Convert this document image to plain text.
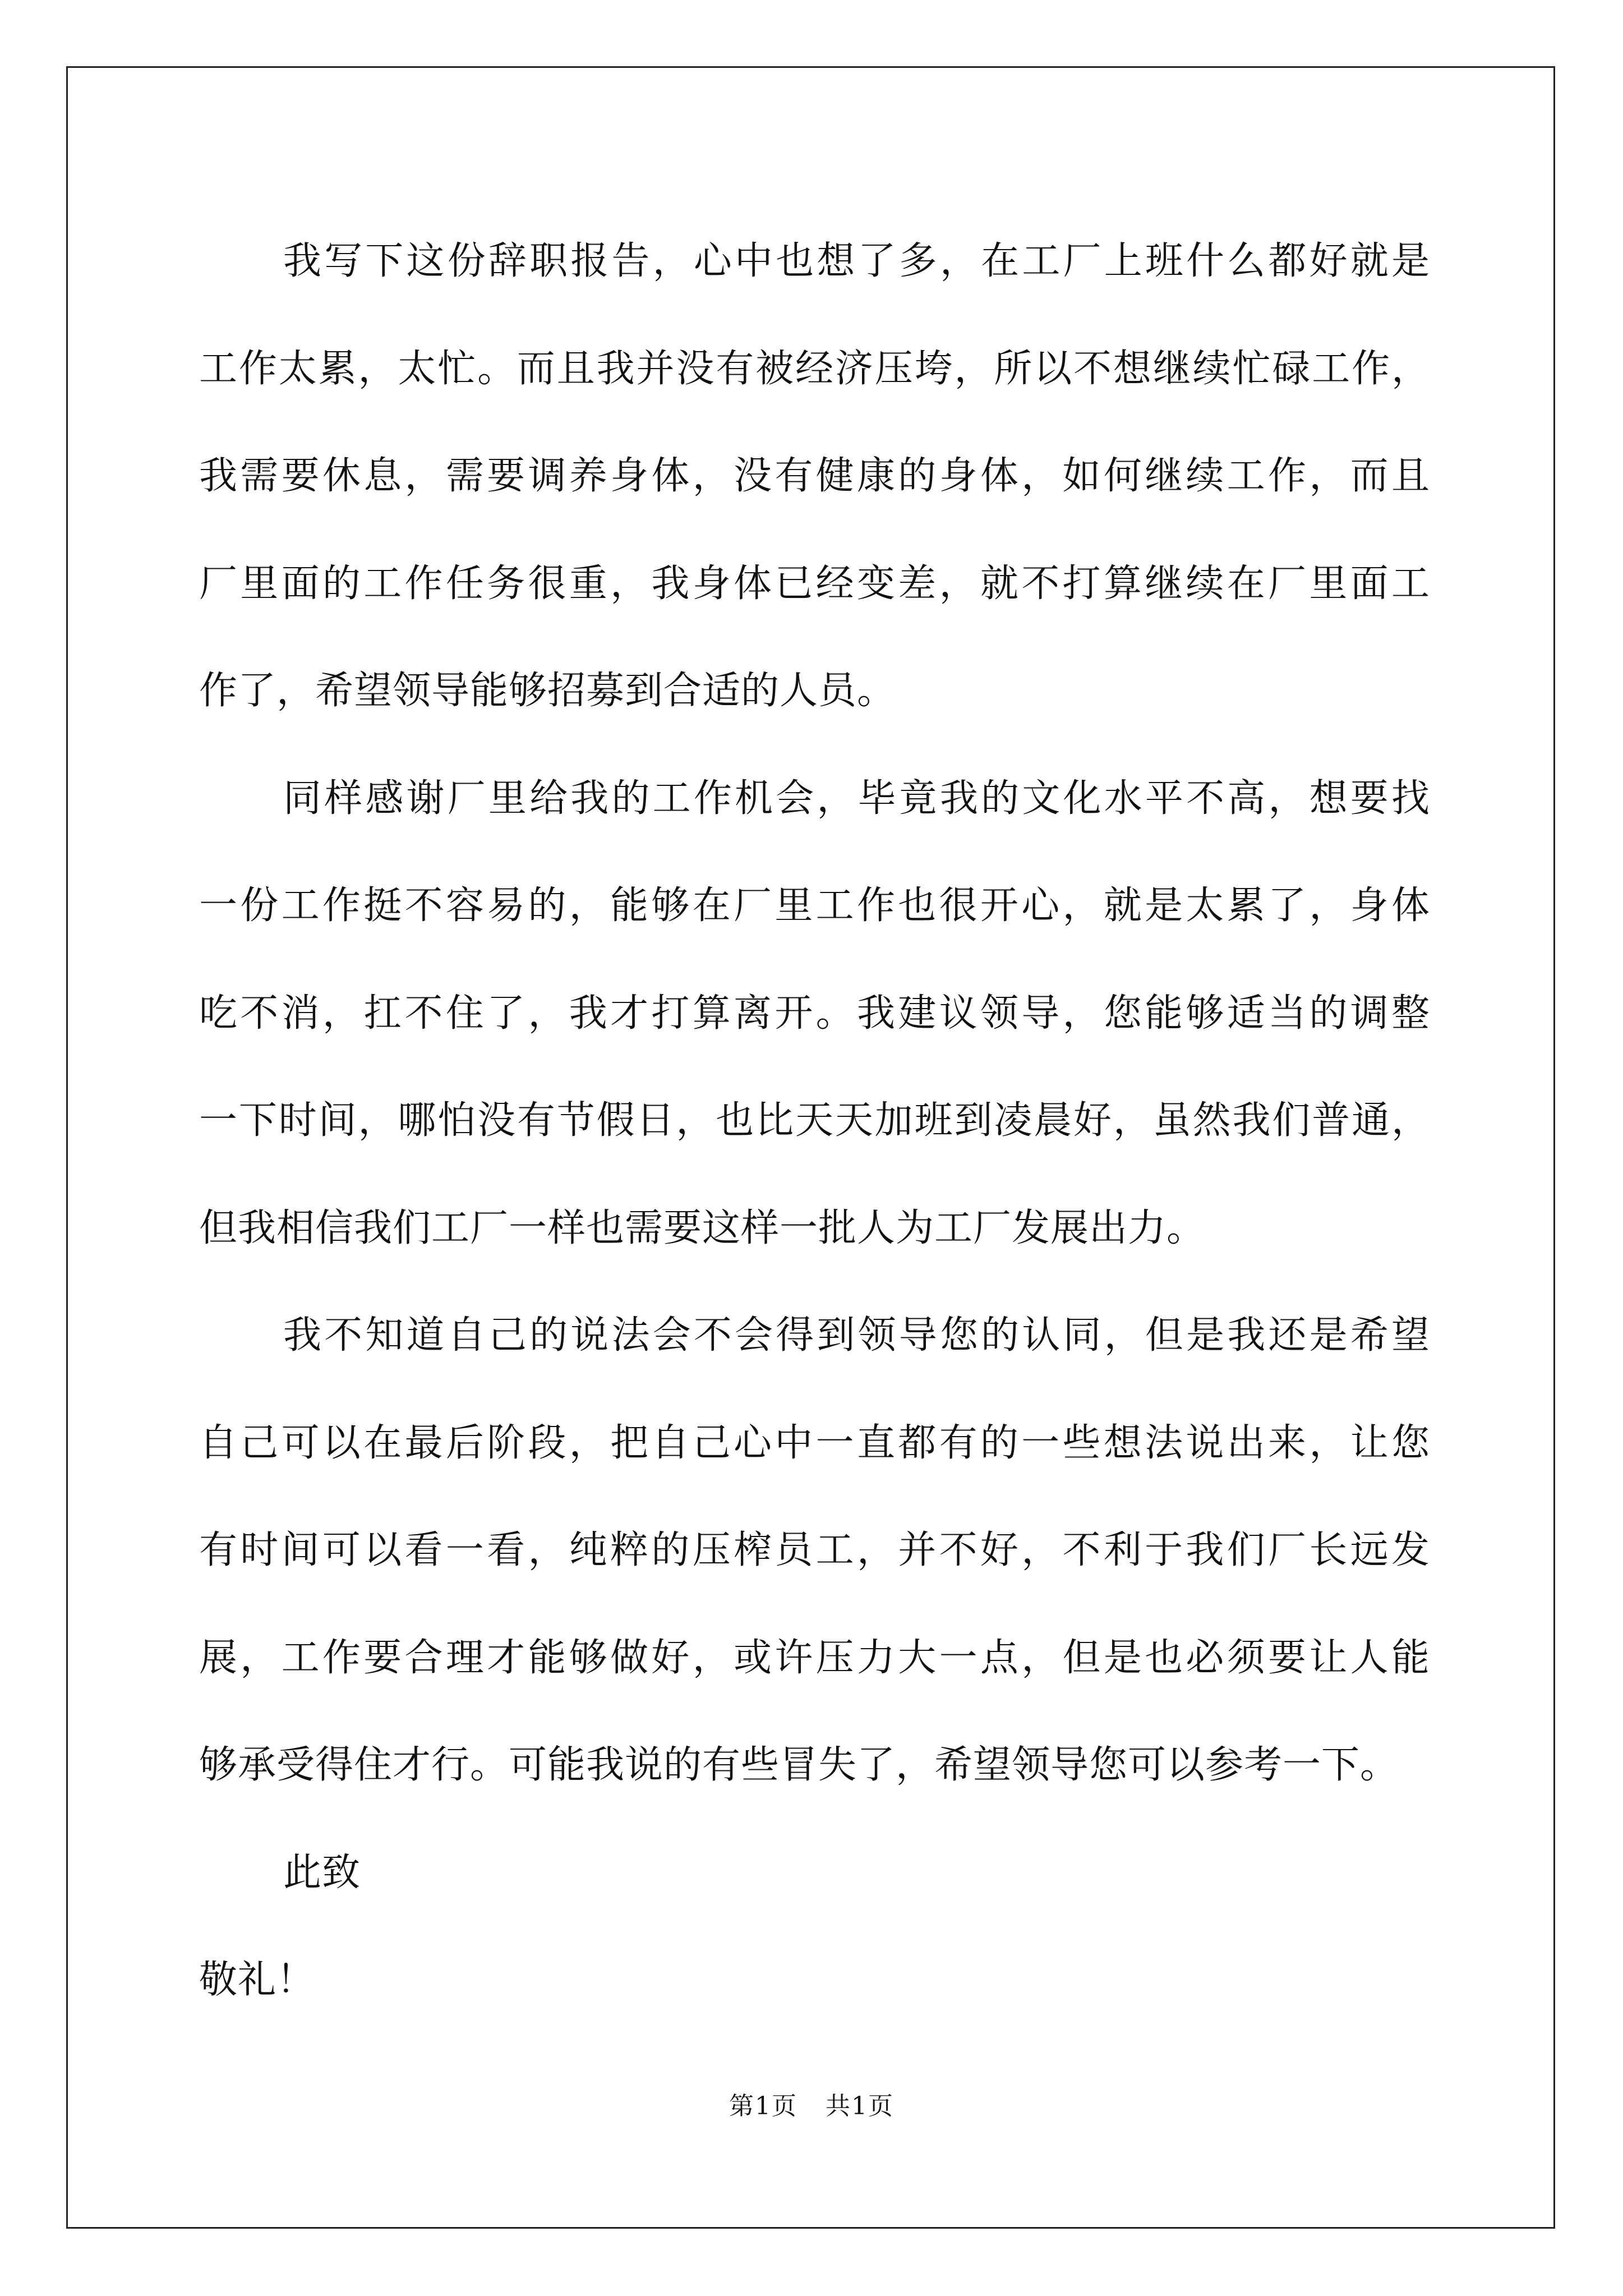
我写下这份辞职报告，心中也想了多，在工厂上班什么都好就是
工作太累，太忙。而且我并没有被经济压垮，所以不想继续忙碌工作，
我需要休息，需要调养身体，没有健康的身体，如何继续工作，而且
厂里面的工作任务很重，我身体已经变差，就不打算继续在厂里面工
作了，希望领导能够招募到合适的人员。
同样感谢厂里给我的工作机会，毕竟我的文化水平不高，想要找
一份工作挺不容易的，能够在厂里工作也很开心，就是太累了，身体
吃不消，扛不住了，我才打算离开。我建议领导，您能够适当的调整
一下时间，哪怕没有节假日，也比天天加班到凌晨好，虽然我们普通，
但我相信我们工厂一样也需要这样一批人为工厂发展出力。
我不知道自己的说法会不会得到领导您的认同，但是我还是希望
自己可以在最后阶段，把自己心中一直都有的一些想法说出来，让您
有时间可以看一看，纯粹的压榨员工，并不好，不利于我们厂长远发
展，工作要合理才能够做好，或许压力大一点，但是也必须要让人能
够承受得住才行。可能我说的有些冒失了，希望领导您可以参考一下。
此致
敬礼！
第1页 共1页
